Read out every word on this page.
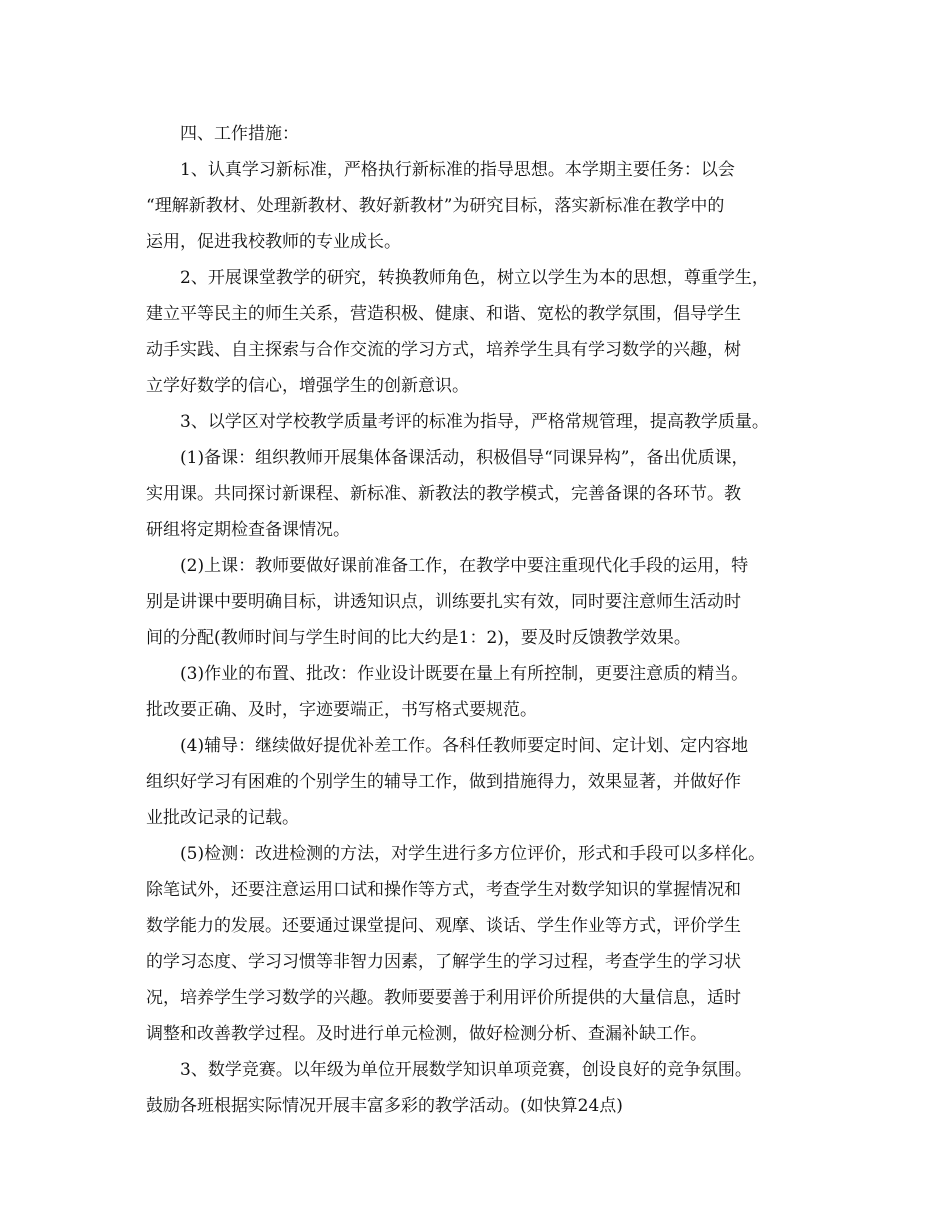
四、工作措施：
1、认真学习新标准，严格执行新标准的指导思想。本学期主要任务：以会
“理解新教材、处理新教材、教好新教材”为研究目标，落实新标准在教学中的
运用，促进我校教师的专业成长。
2、开展课堂教学的研究，转换教师角色，树立以学生为本的思想，尊重学生，
建立平等民主的师生关系，营造积极、健康、和谐、宽松的教学氛围，倡导学生
动手实践、自主探索与合作交流的学习方式，培养学生具有学习数学的兴趣，树
立学好数学的信心，增强学生的创新意识。
3、以学区对学校教学质量考评的标准为指导，严格常规管理，提高教学质量。
(1)备课：组织教师开展集体备课活动，积极倡导“同课异构”，备出优质课，
实用课。共同探讨新课程、新标准、新教法的教学模式，完善备课的各环节。教
研组将定期检查备课情况。
(2)上课：教师要做好课前准备工作，在教学中要注重现代化手段的运用，特
别是讲课中要明确目标，讲透知识点，训练要扎实有效，同时要注意师生活动时
间的分配(教师时间与学生时间的比大约是1：2)，要及时反馈教学效果。
(3)作业的布置、批改：作业设计既要在量上有所控制，更要注意质的精当。
批改要正确、及时，字迹要端正，书写格式要规范。
(4)辅导：继续做好提优补差工作。各科任教师要定时间、定计划、定内容地
组织好学习有困难的个别学生的辅导工作，做到措施得力，效果显著，并做好作
业批改记录的记载。
(5)检测：改进检测的方法，对学生进行多方位评价，形式和手段可以多样化。
除笔试外，还要注意运用口试和操作等方式，考查学生对数学知识的掌握情况和
数学能力的发展。还要通过课堂提问、观摩、谈话、学生作业等方式，评价学生
的学习态度、学习习惯等非智力因素，了解学生的学习过程，考查学生的学习状
况，培养学生学习数学的兴趣。教师要要善于利用评价所提供的大量信息，适时
调整和改善教学过程。及时进行单元检测，做好检测分析、查漏补缺工作。
3、数学竞赛。以年级为单位开展数学知识单项竞赛，创设良好的竞争氛围。
鼓励各班根据实际情况开展丰富多彩的教学活动。(如快算24点)
